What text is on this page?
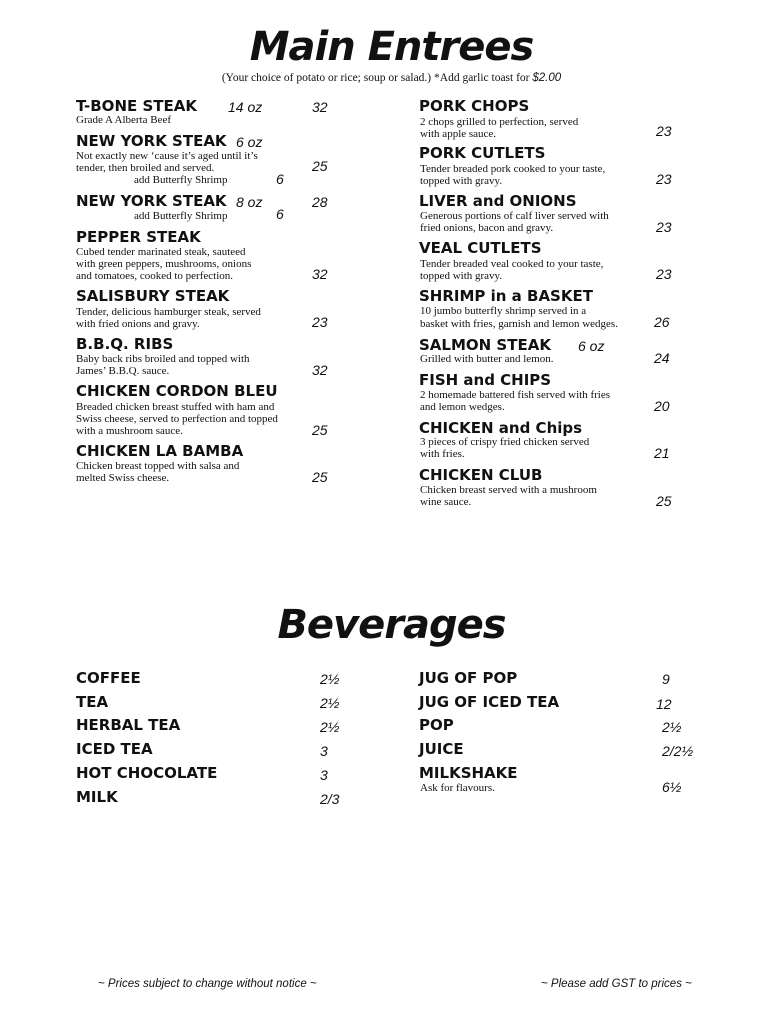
Main Entrees
(Your choice of potato or rice; soup or salad.) *Add garlic toast for $2.00
T-BONE STEAK 14 oz	32
Grade A Alberta Beef
NEW YORK STEAK 6 oz
Not exactly new ‘cause it’s aged until it’s
tender, then broiled and served.	25
add Butterfly Shrimp	6
NEW YORK STEAK 8 oz	28
add Butterfly Shrimp	6
PEPPER STEAK
Cubed tender marinated steak, sauteed
with green peppers, mushrooms, onions
and tomatoes, cooked to perfection.	32
SALISBURY STEAK
Tender, delicious hamburger steak, served
with fried onions and gravy.	23
B.B.Q. RIBS
Baby back ribs broiled and topped with
James’ B.B.Q. sauce.	32
CHICKEN CORDON BLEU
Breaded chicken breast stuffed with ham and
Swiss cheese, served to perfection and topped
with a mushroom sauce.	25
CHICKEN LA BAMBA
Chicken breast topped with salsa and
melted Swiss cheese.	25
PORK CHOPS
2 chops grilled to perfection, served
with apple sauce.	23
PORK CUTLETS
Tender breaded pork cooked to your taste,
topped with gravy.	23
LIVER and ONIONS
Generous portions of calf liver served with
fried onions, bacon and gravy.	23
VEAL CUTLETS
Tender breaded veal cooked to your taste,
topped with gravy.	23
SHRIMP in a BASKET
10 jumbo butterfly shrimp served in a
basket with fries, garnish and lemon wedges.	26
SALMON STEAK 6 oz
Grilled with butter and lemon.	24
FISH and CHIPS
2 homemade battered fish served with fries
and lemon wedges.	20
CHICKEN and Chips
3 pieces of crispy fried chicken served
with fries.	21
CHICKEN CLUB
Chicken breast served with a mushroom
wine sauce.	25
Beverages
COFFEE	2½
TEA	2½
HERBAL TEA	2½
ICED TEA	3
HOT CHOCOLATE	3
MILK	2/3
JUG OF POP	9
JUG OF ICED TEA	12
POP	2½
JUICE	2/2½
MILKSHAKE
Ask for flavours.	6½
~ Prices subject to change without notice ~	~ Please add GST to prices ~
